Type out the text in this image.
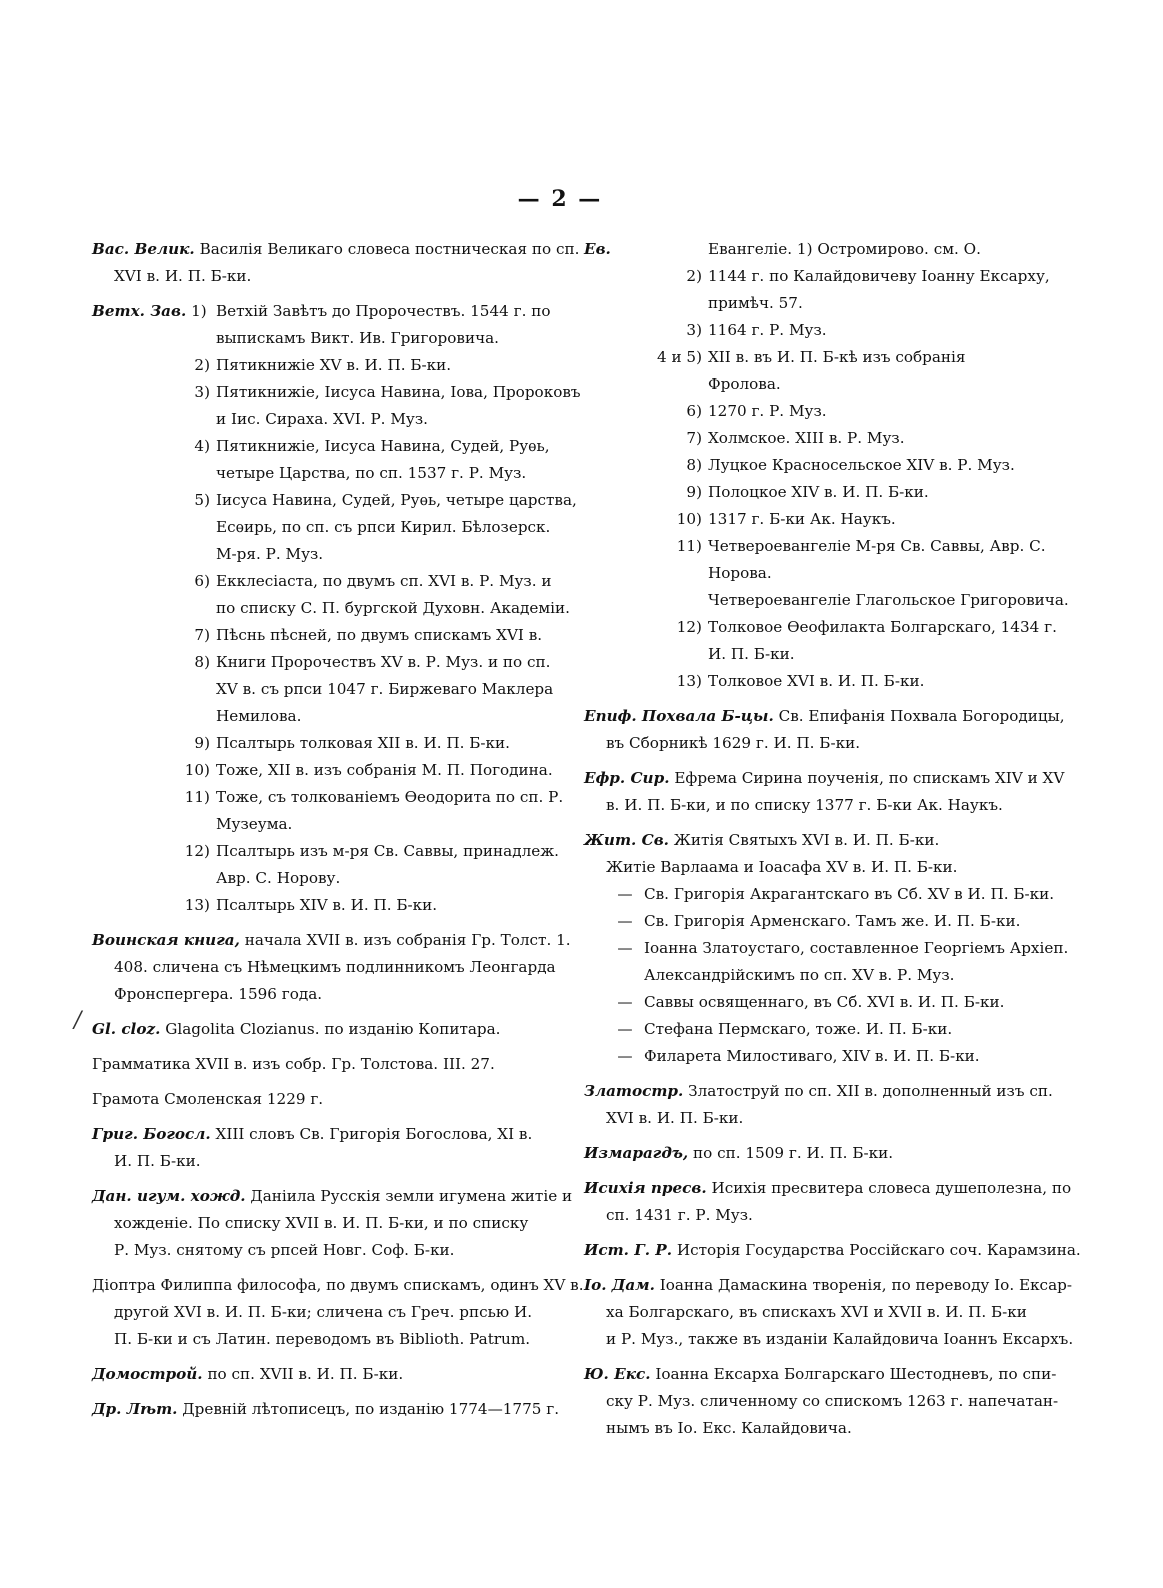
— 2 —
/
Вас. Велик. Василія Великаго словеса постническая по сп.
XVI в. И. П. Б-ки.
Ветх. Зав. 1) Ветхій Завѣтъ до Пророчествъ. 1544 г. по
выпискамъ Викт. Ив. Григоровича.
2) Пятикнижіе XV в. И. П. Б-ки.
3) Пятикнижіе, Іисуса Навина, Іова, Пророковъ
и Іис. Сираха. XVI. Р. Муз.
4) Пятикнижіе, Іисуса Навина, Судей, Руѳь,
четыре Царства, по сп. 1537 г. Р. Муз.
5) Іисуса Навина, Судей, Руѳь, четыре царства,
Есѳирь, по сп. съ рпси Кирил. Бѣлозерск.
М-ря. Р. Муз.
6) Екклесіаста, по двумъ сп. XVI в. Р. Муз. и
по списку С. П. бургской Духовн. Академіи.
7) Пѣснь пѣсней, по двумъ спискамъ XVI в.
8) Книги Пророчествъ XV в. Р. Муз. и по сп.
XV в. съ рпси 1047 г. Биржеваго Маклера
Немилова.
9) Псалтырь толковая XII в. И. П. Б-ки.
10) Тоже, XII в. изъ собранія М. П. Погодина.
11) Тоже, съ толкованіемъ Ѳеодорита по сп. Р.
Музеума.
12) Псалтырь изъ м-ря Св. Саввы, принадлеж.
Авр. С. Норову.
13) Псалтырь XIV в. И. П. Б-ки.
Воинская книга, начала XVII в. изъ собранія Гр. Толст. 1.
408. сличена съ Нѣмецкимъ подлинникомъ Леонгарда
Фронспергера. 1596 года.
Gl. cloz. Glagolita Clozianus. по изданію Копитара.
Грамматика XVII в. изъ собр. Гр. Толстова. III. 27.
Грамота Смоленская 1229 г.
Григ. Богосл. XIII словъ Св. Григорія Богослова, XI в.
И. П. Б-ки.
Дан. игум. хожд. Даніила Русскія земли игумена житіе и
хожденіе. По списку XVII в. И. П. Б-ки, и по списку
Р. Муз. снятому съ рпсей Новг. Соф. Б-ки.
Діоптра Филиппа философа, по двумъ спискамъ, одинъ XV в.
другой XVI в. И. П. Б-ки; сличена съ Греч. рпсью И.
П. Б-ки и съ Латин. переводомъ въ Biblioth. Patrum.
Домострой. по сп. XVII в. И. П. Б-ки.
Др. Лѣт. Древній лѣтописецъ, по изданію 1774—1775 г.
Ев.	Евангеліе. 1) Остромирово. см. О.
2) 1144 г. по Калайдовичеву Іоанну Ексарху,
примѣч. 57.
3) 1164 г. Р. Муз.
4 и 5) XII в. въ И. П. Б-кѣ изъ собранія
Фролова.
6) 1270 г. Р. Муз.
7) Холмское. XIII в. Р. Муз.
8) Луцкое Красносельское XIV в. Р. Муз.
9) Полоцкое XIV в. И. П. Б-ки.
10) 1317 г. Б-ки Ак. Наукъ.
11) Четвероевангеліе М-ря Св. Саввы, Авр. С.
Норова.
Четвероевангеліе Глагольское Григоровича.
12) Толковое Ѳеофилакта Болгарскаго, 1434 г.
И. П. Б-ки.
13) Толковое XVI в. И. П. Б-ки.
Епиф. Похвала Б-цы. Св. Епифанія Похвала Богородицы,
въ Сборникѣ 1629 г. И. П. Б-ки.
Ефр. Сир. Ефрема Сирина поученія, по спискамъ XIV и XV
в. И. П. Б-ки, и по списку 1377 г. Б-ки Ак. Наукъ.
Жит. Св. Житія Святыхъ XVI в. И. П. Б-ки.
Житіе Варлаама и Іоасафа XV в. И. П. Б-ки.
— Св. Григорія Акрагантскаго въ Сб. XV в И. П. Б-ки.
— Св. Григорія Арменскаго. Тамъ же. И. П. Б-ки.
— Іоанна Златоустаго, составленное Георгіемъ Архіеп.
Александрійскимъ по сп. XV в. Р. Муз.
— Саввы освященнаго, въ Сб. XVI в. И. П. Б-ки.
— Стефана Пермскаго, тоже. И. П. Б-ки.
— Филарета Милостиваго, XIV в. И. П. Б-ки.
Златостр. Златоструй по сп. XII в. дополненный изъ сп.
XVI в. И. П. Б-ки.
Измарагдъ, по сп. 1509 г. И. П. Б-ки.
Исихія пресв. Исихія пресвитера словеса душеполезна, по
сп. 1431 г. Р. Муз.
Ист. Г. Р. Исторія Государства Россійскаго соч. Карамзина.
Іо. Дам. Іоанна Дамаскина творенія, по переводу Іо. Ексар-
ха Болгарскаго, въ спискахъ XVI и XVII в. И. П. Б-ки
и Р. Муз., также въ изданіи Калайдовича Іоаннъ Ексархъ.
Ю. Екс. Іоанна Ексарха Болгарскаго Шестодневъ, по спи-
ску Р. Муз. сличенному со спискомъ 1263 г. напечатан-
нымъ въ Іо. Екс. Калайдовича.
